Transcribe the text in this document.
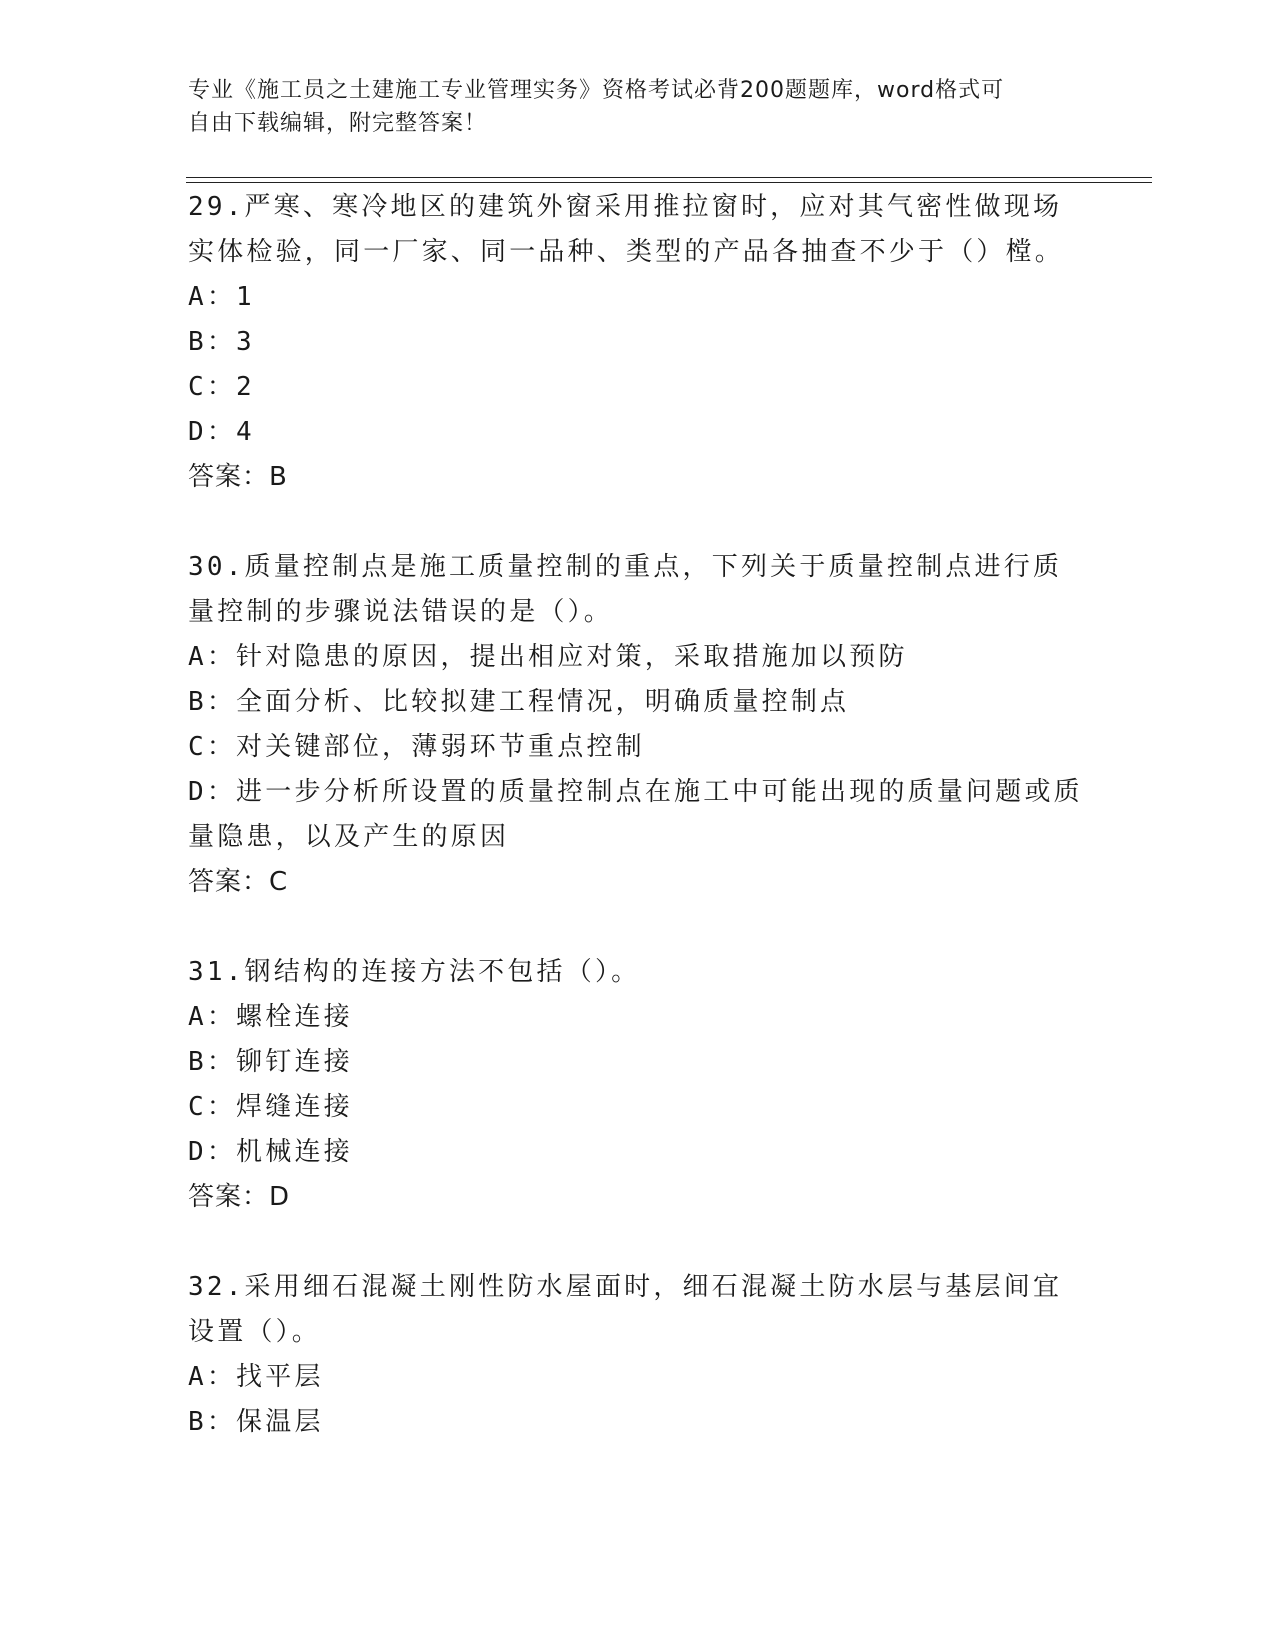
专业《施工员之土建施工专业管理实务》资格考试必背200题题库，word格式可
自由下载编辑，附完整答案！

29.严寒、寒冷地区的建筑外窗采用推拉窗时，应对其气密性做现场实体检验，同一厂家、同一品种、类型的产品各抽查不少于（）樘。

A：1

B：3

C：2

D：4

答案：B

30.质量控制点是施工质量控制的重点，下列关于质量控制点进行质量控制的步骤说法错误的是（）。

A：针对隐患的原因，提出相应对策，采取措施加以预防

B：全面分析、比较拟建工程情况，明确质量控制点

C：对关键部位，薄弱环节重点控制

D：进一步分析所设置的质量控制点在施工中可能出现的质量问题或质量隐患，以及产生的原因

答案：C

31.钢结构的连接方法不包括（）。

A：螺栓连接

B：铆钉连接

C：焊缝连接

D：机械连接

答案：D

32.采用细石混凝土刚性防水屋面时，细石混凝土防水层与基层间宜设置（）。

A：找平层

B：保温层
